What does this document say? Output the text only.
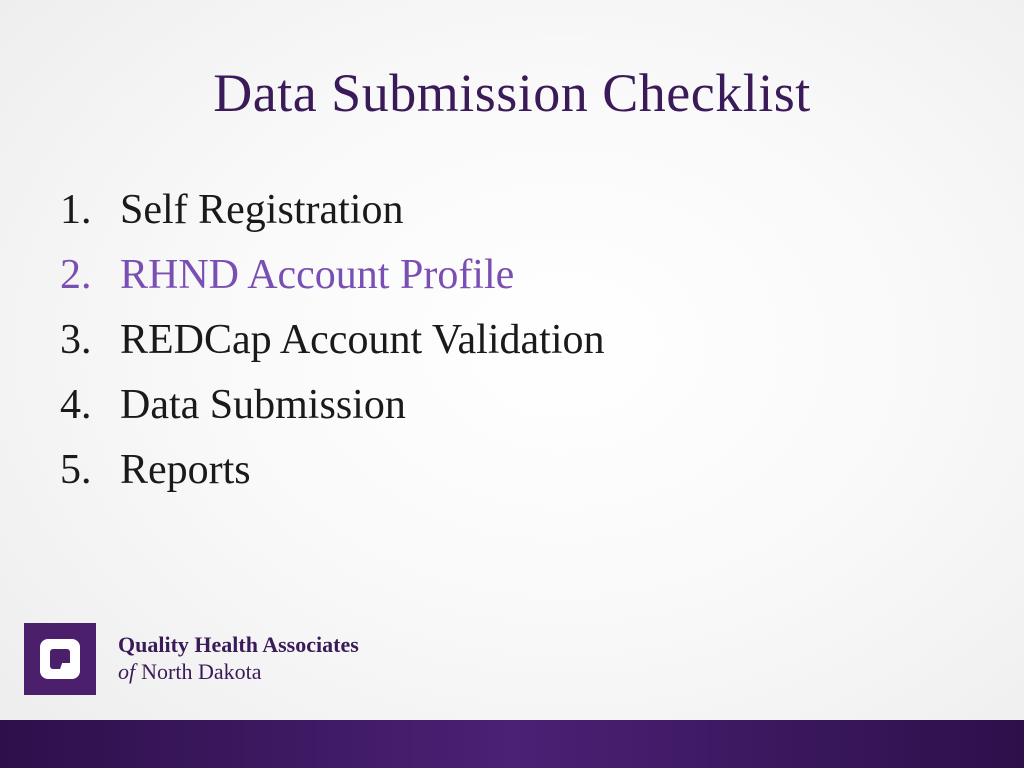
Data Submission Checklist
1. Self Registration
2. RHND Account Profile
3. REDCap Account Validation
4. Data Submission
5. Reports
Quality Health Associates
of North Dakota
